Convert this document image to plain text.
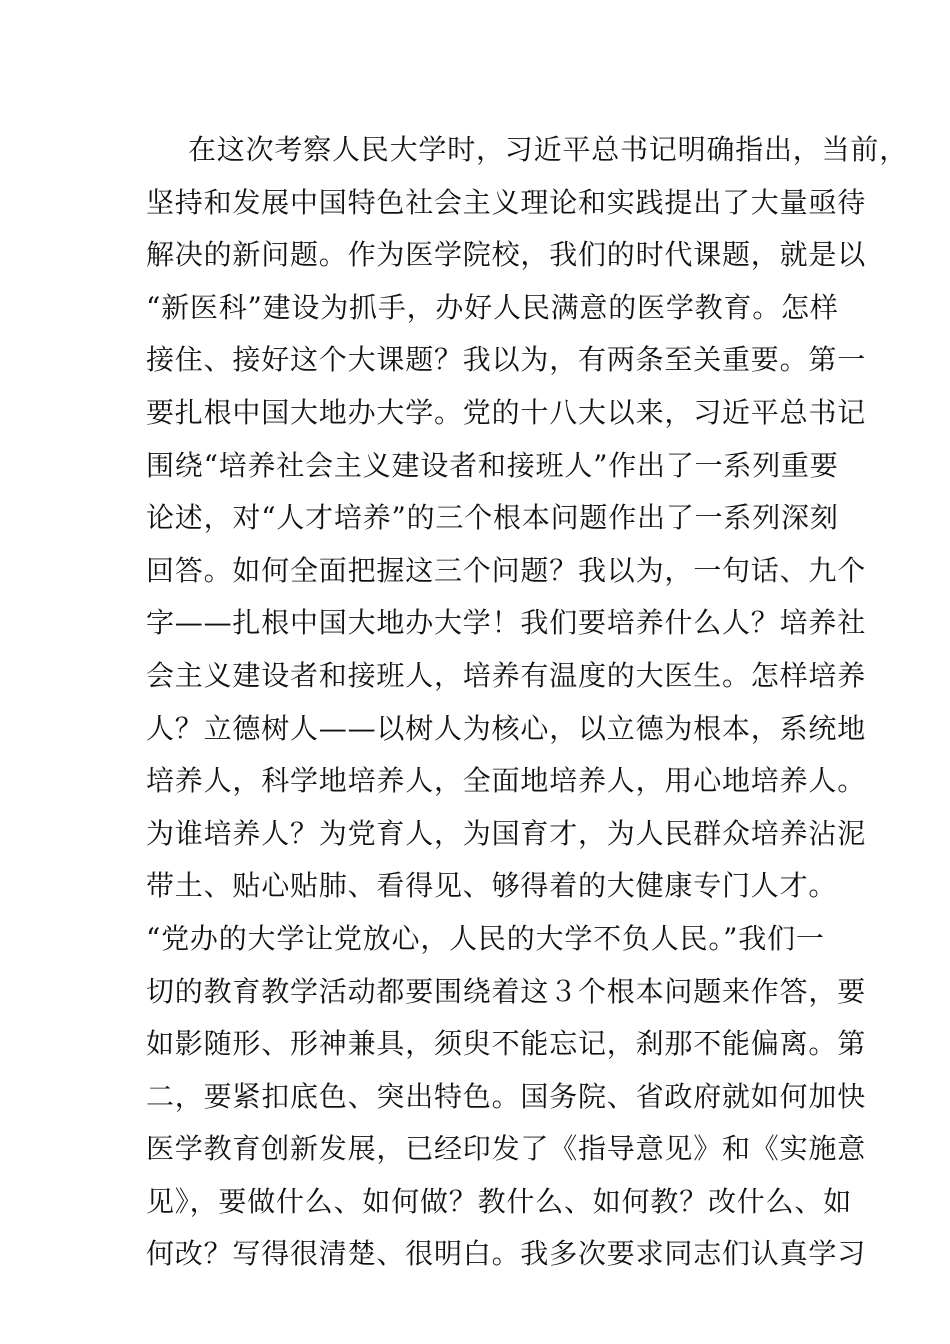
在这次考察人民大学时，习近平总书记明确指出，当前，
坚持和发展中国特色社会主义理论和实践提出了大量亟待
解决的新问题。作为医学院校，我们的时代课题，就是以
“新医科”建设为抓手，办好人民满意的医学教育。怎样
接住、接好这个大课题？我以为，有两条至关重要。第一
要扎根中国大地办大学。党的十八大以来，习近平总书记
围绕“培养社会主义建设者和接班人”作出了一系列重要
论述，对“人才培养”的三个根本问题作出了一系列深刻
回答。如何全面把握这三个问题？我以为，一句话、九个
字——扎根中国大地办大学！我们要培养什么人？培养社
会主义建设者和接班人，培养有温度的大医生。怎样培养
人？立德树人——以树人为核心，以立德为根本，系统地
培养人，科学地培养人，全面地培养人，用心地培养人。
为谁培养人？为党育人，为国育才，为人民群众培养沾泥
带土、贴心贴肺、看得见、够得着的大健康专门人才。
“党办的大学让党放心，人民的大学不负人民。”我们一
切的教育教学活动都要围绕着这３个根本问题来作答，要
如影随形、形神兼具，须臾不能忘记，刹那不能偏离。第
二，要紧扣底色、突出特色。国务院、省政府就如何加快
医学教育创新发展，已经印发了《指导意见》和《实施意
见》，要做什么、如何做？教什么、如何教？改什么、如
何改？写得很清楚、很明白。我多次要求同志们认真学习
